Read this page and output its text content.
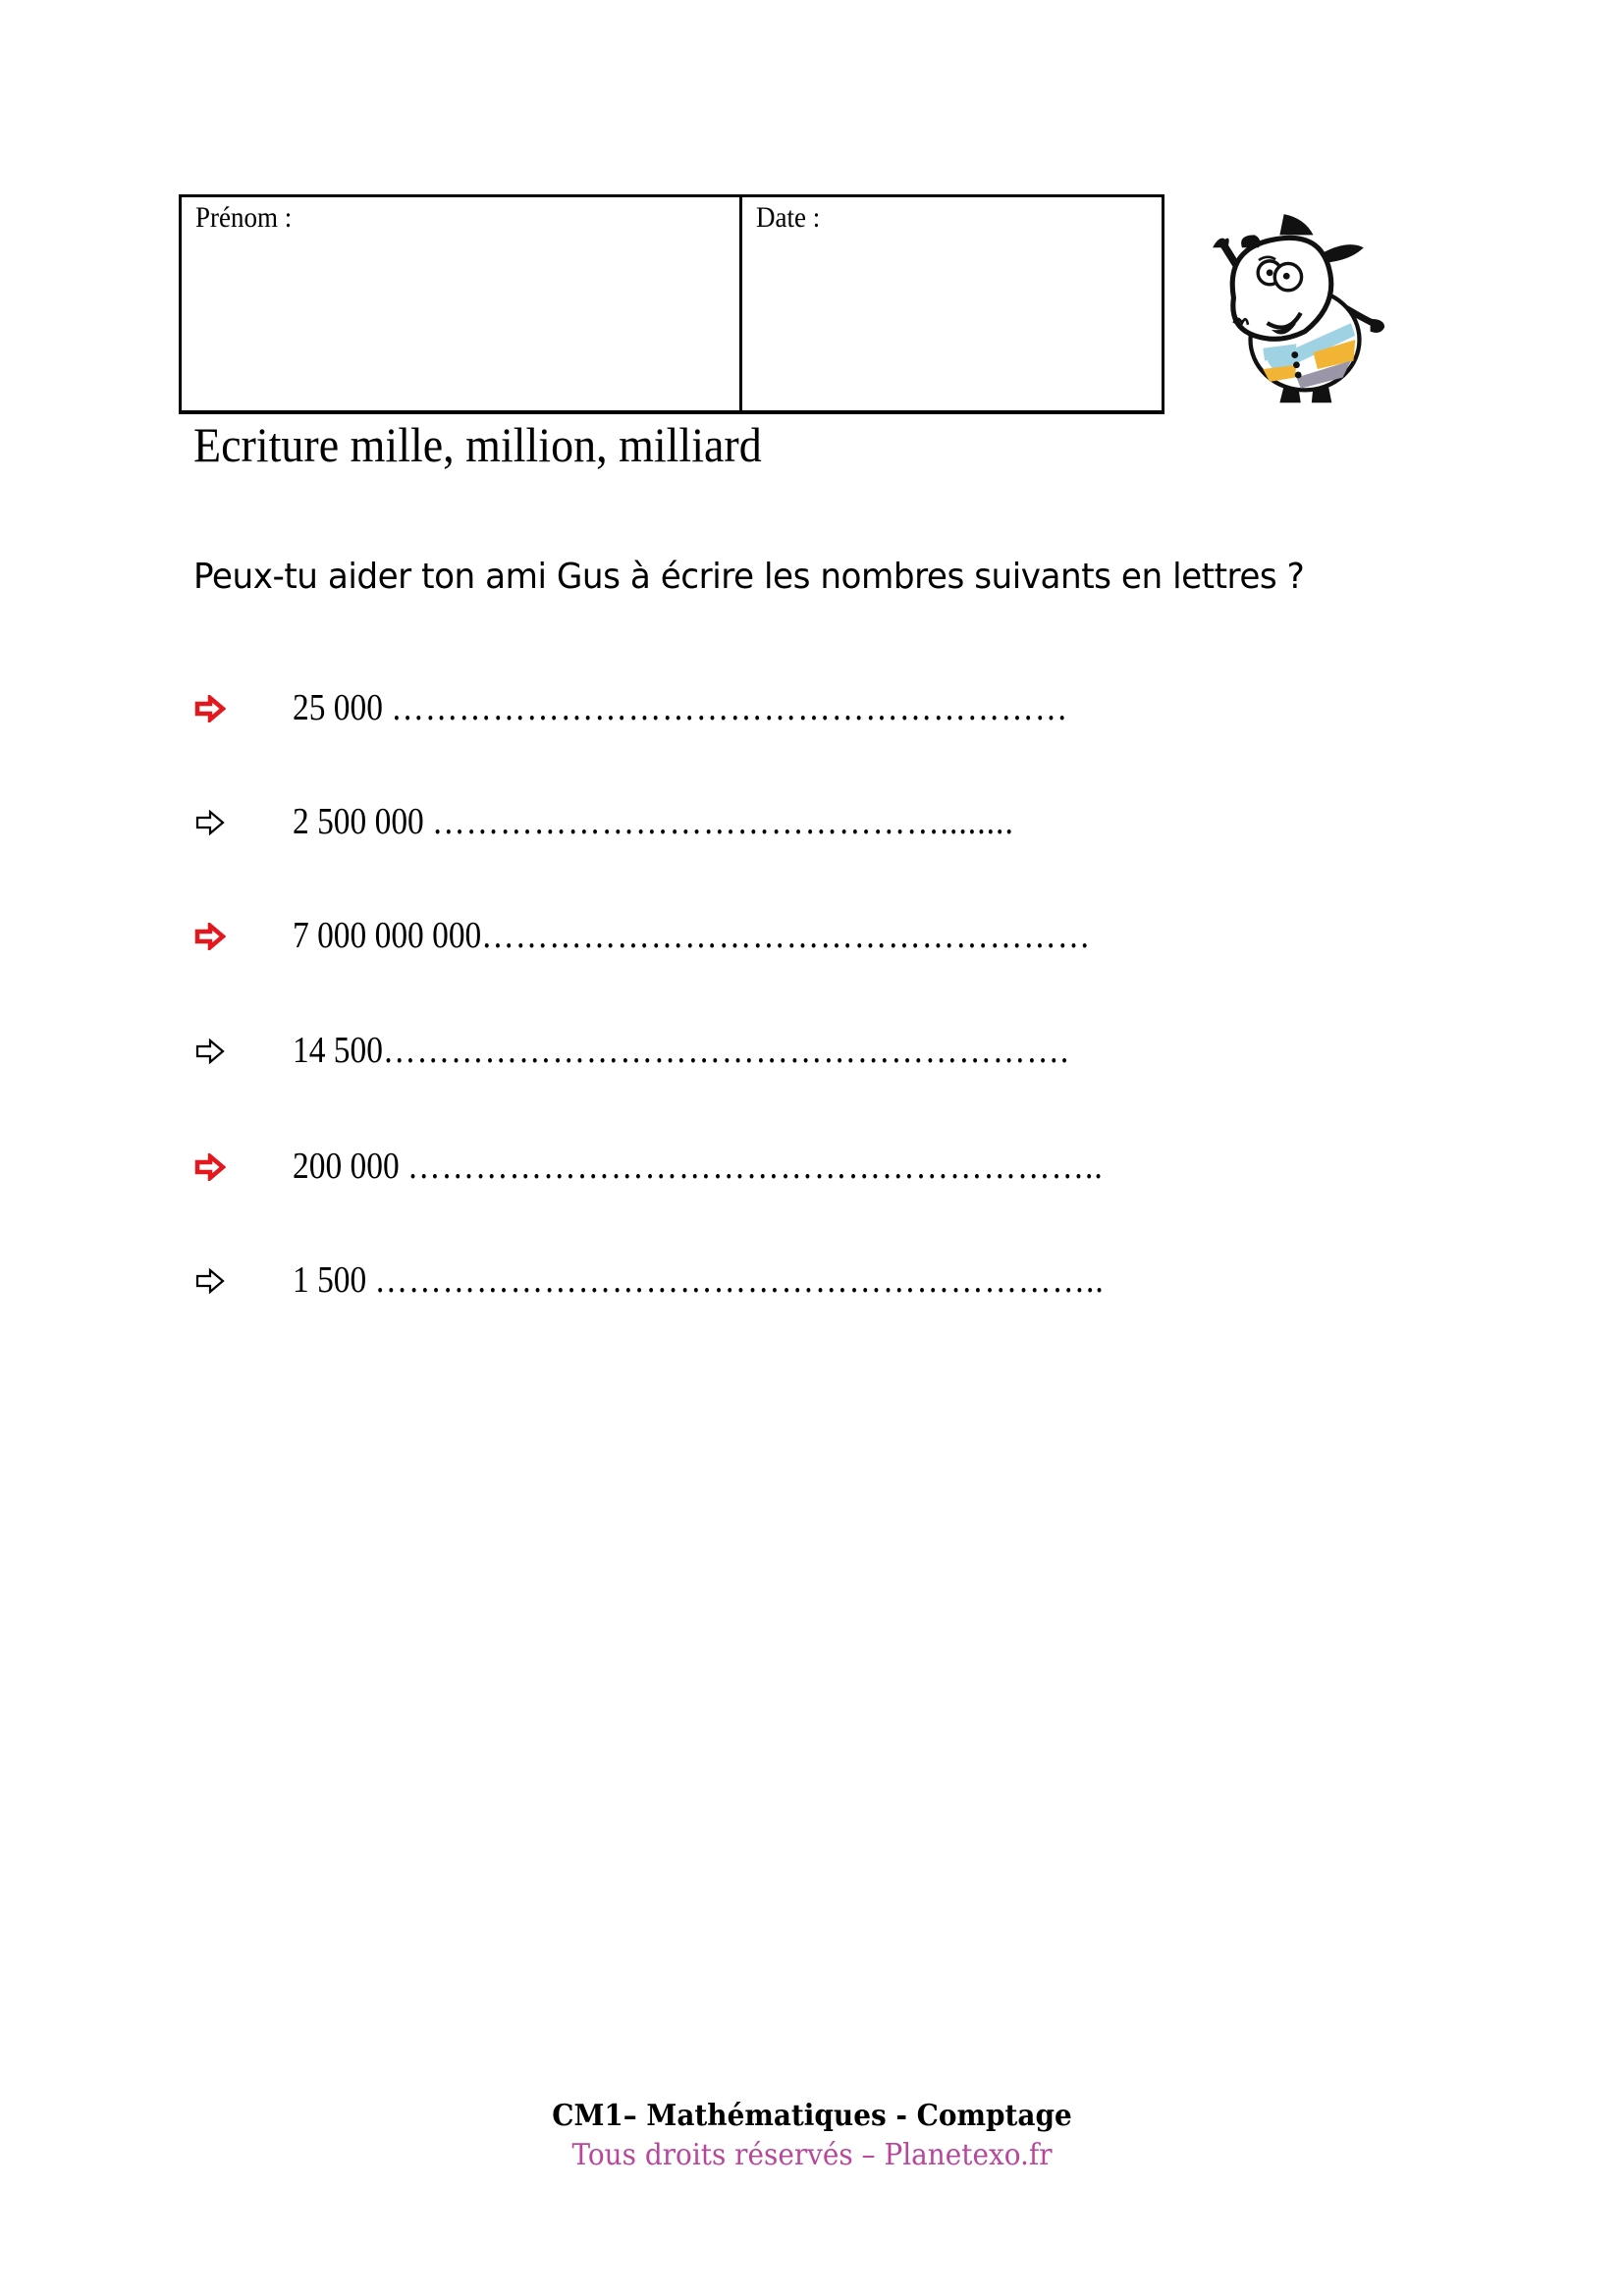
Prénom :	Date :
Ecriture mille, million, milliard
Peux-tu aider ton ami Gus à écrire les nombres suivants en lettres ?
25 000 ……………………………………………………
2 500 000 ………………………………………........
7 000 000 000………………………………………………
14 500…………………………………………………….
200 000 ……………………………………………………..
1 500 ………………………………………………………..
CM1– Mathématiques - Comptage
Tous droits réservés – Planetexo.fr
